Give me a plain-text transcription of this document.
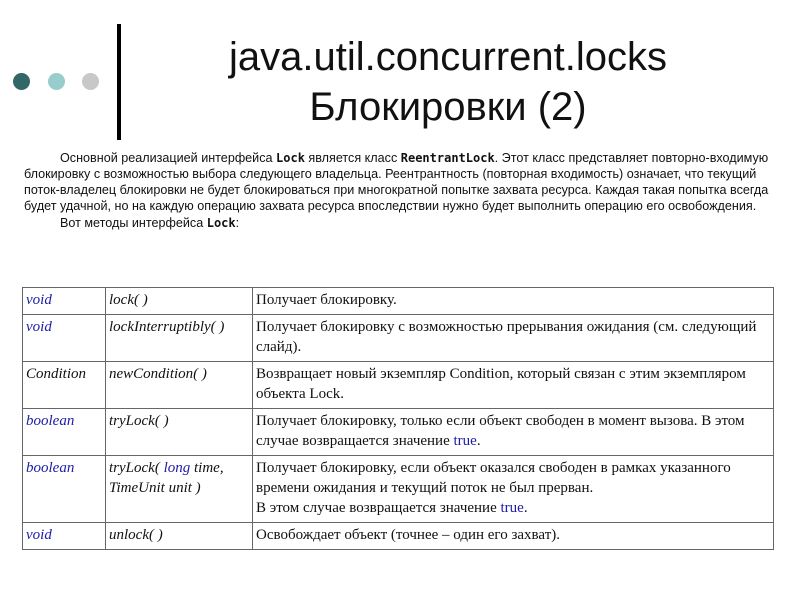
java.util.concurrent.locks
Блокировки (2)

Основной реализацией интерфейса Lock является класс ReentrantLock. Этот класс представляет повторно-входимую блокировку с возможностью выбора следующего владельца. Реентрантность (повторная входимость) означает, что текущий поток-владелец блокировки не будет блокироваться при многократной попытке захвата ресурса. Каждая такая попытка всегда будет удачной, но на каждую операцию захвата ресурса впоследствии нужно будет выполнить операцию его освобождения.

Вот методы интерфейса Lock:

void	lock( )	Получает блокировку.
void	lockInterruptibly( )	Получает блокировку с возможностью прерывания ожидания (см. следующий слайд).
Condition	newCondition( )	Возвращает новый экземпляр Condition, который связан с этим экземпляром объекта Lock.
boolean	tryLock( )	Получает блокировку, только если объект свободен в момент вызова. В этом случае возвращается значение true.
boolean	tryLock( long time, TimeUnit unit )	Получает блокировку, если объект оказался свободен в рамках указанного времени ожидания и текущий поток не был прерван.
В этом случае возвращается значение true.
void	unlock( )	Освобождает объект (точнее – один его захват).
